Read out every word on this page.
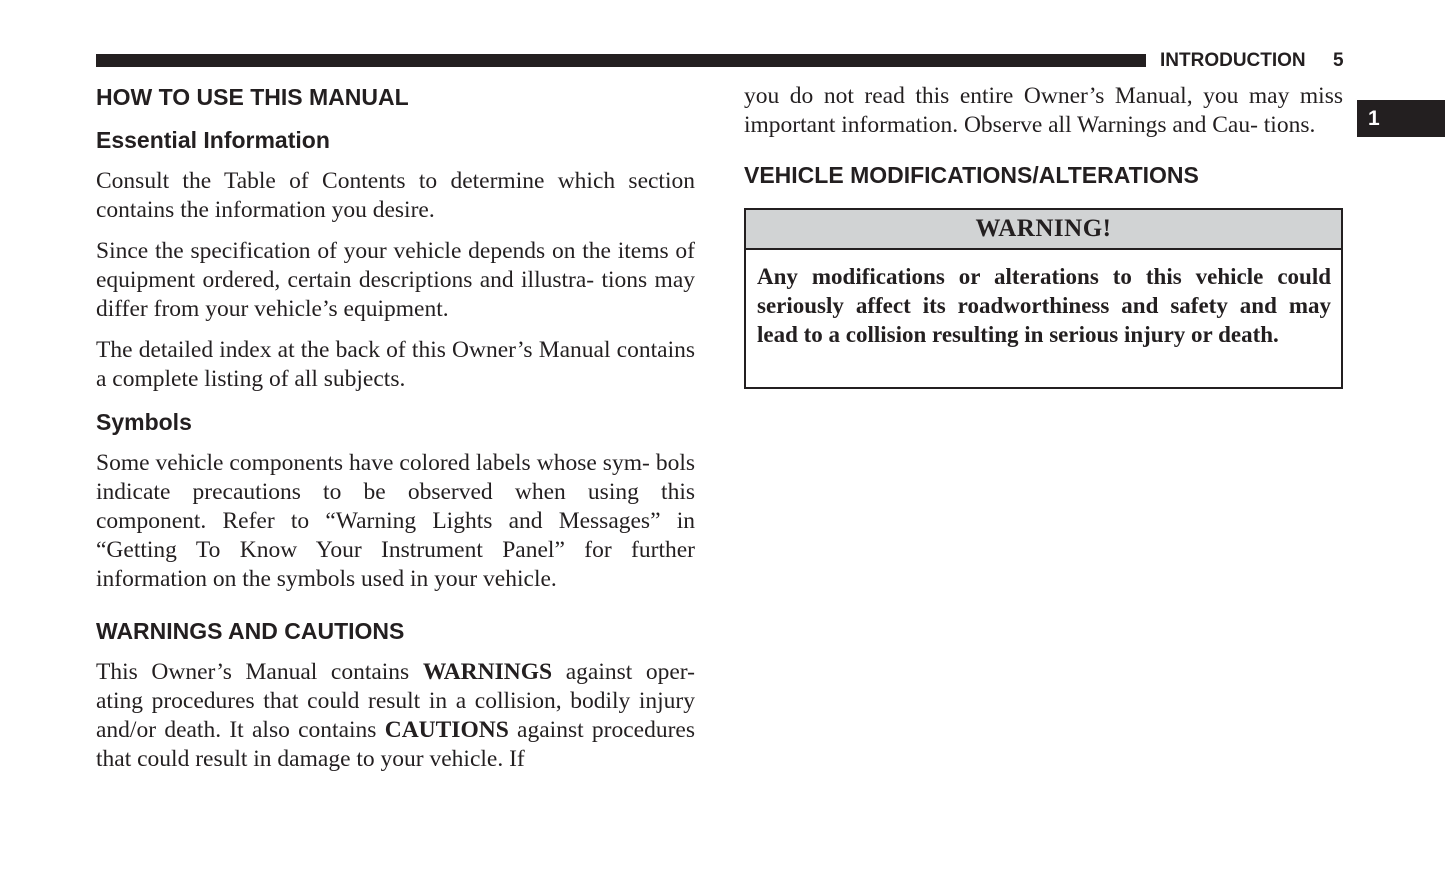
INTRODUCTION 5
1
HOW TO USE THIS MANUAL
Essential Information

Consult the Table of Contents to determine which section contains the information you desire.

Since the specification of your vehicle depends on the items of equipment ordered, certain descriptions and illustra- tions may differ from your vehicle’s equipment.

The detailed index at the back of this Owner’s Manual contains a complete listing of all subjects.

Symbols

Some vehicle components have colored labels whose sym- bols indicate precautions to be observed when using this component. Refer to “Warning Lights and Messages” in “Getting To Know Your Instrument Panel” for further information on the symbols used in your vehicle.

WARNINGS AND CAUTIONS

This Owner’s Manual contains WARNINGS against oper- ating procedures that could result in a collision, bodily injury and/or death. It also contains CAUTIONS against procedures that could result in damage to your vehicle. If

you do not read this entire Owner’s Manual, you may miss important information. Observe all Warnings and Cau- tions.

VEHICLE MODIFICATIONS/ALTERATIONS
WARNING!
Any modifications or alterations to this vehicle could seriously affect its roadworthiness and safety and may lead to a collision resulting in serious injury or death.
